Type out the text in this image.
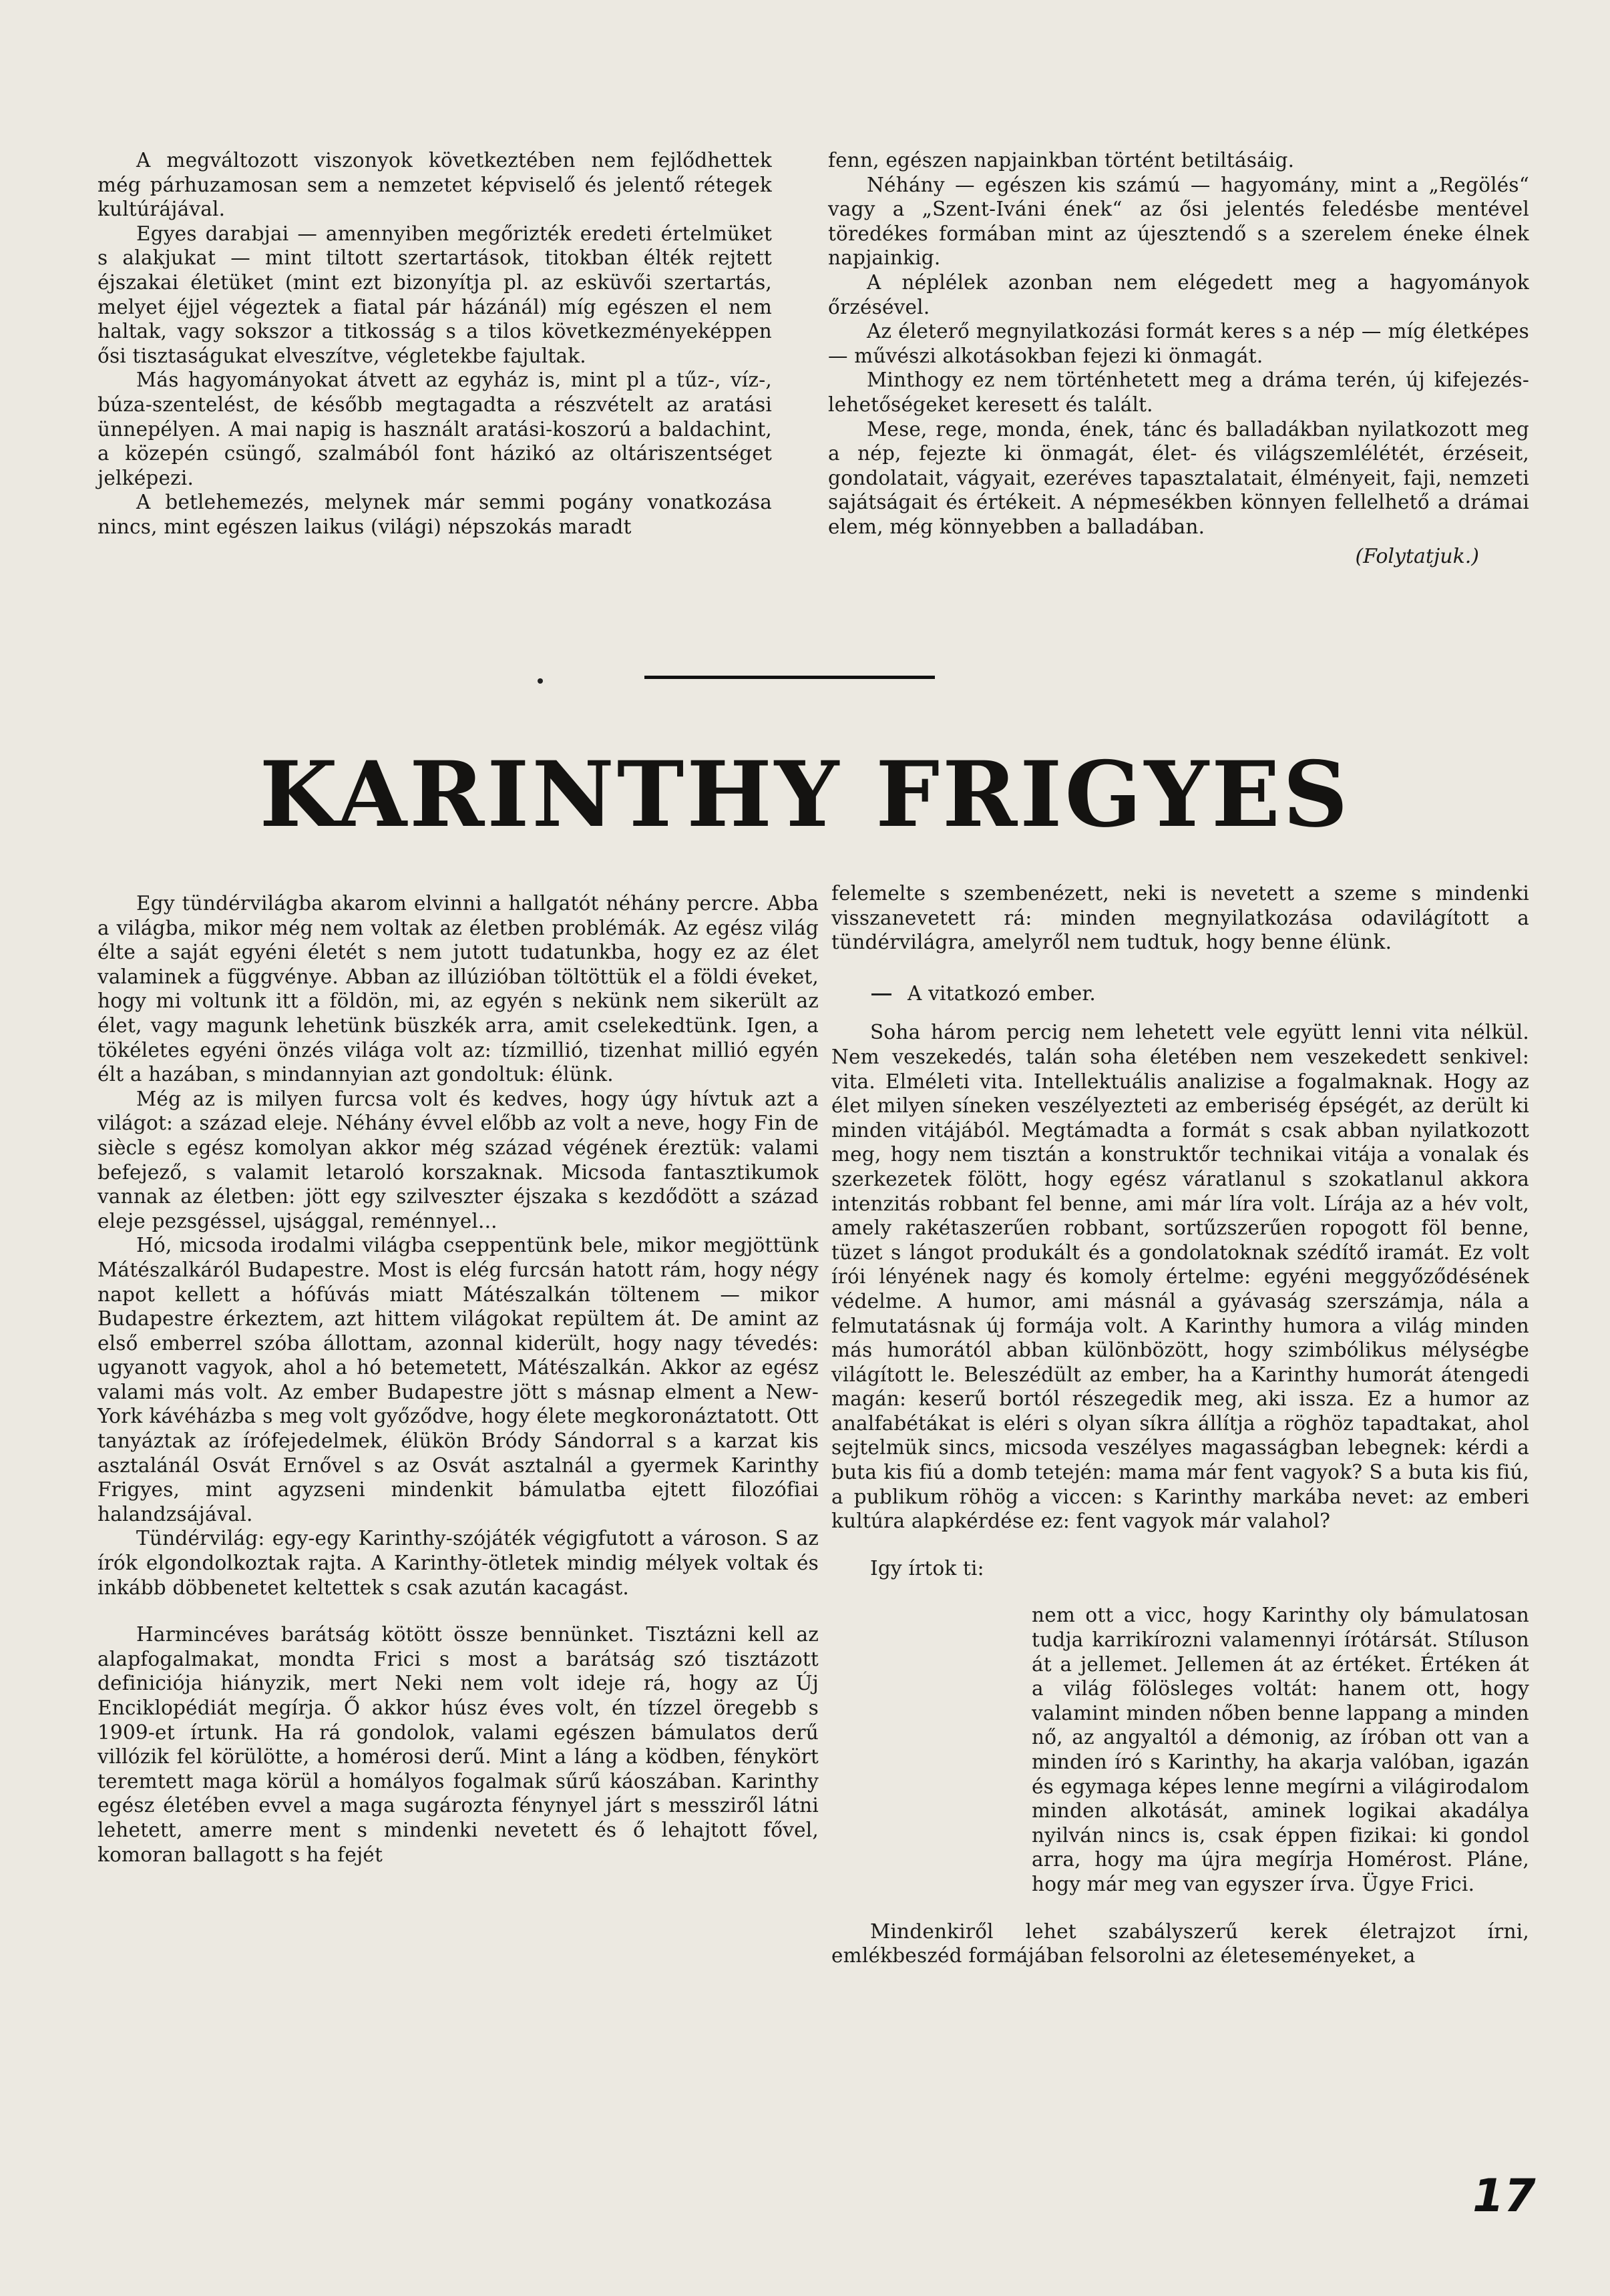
A megváltozott viszonyok következtében nem fejlődhettek még párhuzamosan sem a nemzetet képviselő és jelentő rétegek kultúrájával.

Egyes darabjai — amennyiben megőrizték eredeti értelmüket s alakjukat — mint tiltott szertartások, titokban élték rejtett éjszakai életüket (mint ezt bizonyítja pl. az esküvői szertartás, melyet éjjel végeztek a fiatal pár házánál) míg egészen el nem haltak, vagy sokszor a titkosság s a tilos következményeképpen ősi tisztaságukat elveszítve, végletekbe fajultak.

Más hagyományokat átvett az egyház is, mint pl a tűz-, víz-, búza-szentelést, de később megtagadta a részvételt az aratási ünnepélyen. A mai napig is használt aratási-koszorú a baldachint, a közepén csüngő, szalmából font házikó az oltáriszentséget jelképezi.

A betlehemezés, melynek már semmi pogány vonatkozása nincs, mint egészen laikus (világi) népszokás maradt

fenn, egészen napjainkban történt betiltásáig.

Néhány — egészen kis számú — hagyomány, mint a „Regölés“ vagy a „Szent-Iváni ének“ az ősi jelentés feledésbe mentével töredékes formában mint az újesztendő s a szerelem éneke élnek napjainkig.

A néplélek azonban nem elégedett meg a hagyományok őrzésével.

Az életerő megnyilatkozási formát keres s a nép — míg életképes — művészi alkotásokban fejezi ki önmagát.

Minthogy ez nem történhetett meg a dráma terén, új kifejezés-lehetőségeket keresett és talált.

Mese, rege, monda, ének, tánc és balladákban nyilatkozott meg a nép, fejezte ki önmagát, élet- és világszemlélétét, érzéseit, gondolatait, vágyait, ezeréves tapasztalatait, élményeit, faji, nemzeti sajátságait és értékeit. A népmesékben könnyen fellelhető a drámai elem, még könnyebben a balladában.

(Folytatjuk.)
KARINTHY FRIGYES

Egy tündérvilágba akarom elvinni a hallgatót néhány percre. Abba a világba, mikor még nem voltak az életben problémák. Az egész világ élte a saját egyéni életét s nem jutott tudatunkba, hogy ez az élet valaminek a függvénye. Abban az illúzióban töltöttük el a földi éveket, hogy mi voltunk itt a földön, mi, az egyén s nekünk nem sikerült az élet, vagy magunk lehetünk büszkék arra, amit cselekedtünk. Igen, a tökéletes egyéni önzés világa volt az: tízmillió, tizenhat millió egyén élt a hazában, s mindannyian azt gondoltuk: élünk.

Még az is milyen furcsa volt és kedves, hogy úgy hívtuk azt a világot: a század eleje. Néhány évvel előbb az volt a neve, hogy Fin de siècle s egész komolyan akkor még század végének éreztük: valami befejező, s valamit letaroló korszaknak. Micsoda fantasztikumok vannak az életben: jött egy szilveszter éjszaka s kezdődött a század eleje pezsgéssel, ujsággal, reménnyel...

Hó, micsoda irodalmi világba cseppentünk bele, mikor megjöttünk Mátészalkáról Budapestre. Most is elég furcsán hatott rám, hogy négy napot kellett a hófúvás miatt Mátészalkán töltenem — mikor Budapestre érkeztem, azt hittem világokat repültem át. De amint az első emberrel szóba állottam, azonnal kiderült, hogy nagy tévedés: ugyanott vagyok, ahol a hó betemetett, Mátészalkán. Akkor az egész valami más volt. Az ember Budapestre jött s másnap elment a New-York kávéházba s meg volt győződve, hogy élete megkoronáztatott. Ott tanyáztak az írófejedelmek, élükön Bródy Sándorral s a karzat kis asztalánál Osvát Ernővel s az Osvát asztalnál a gyermek Karinthy Frigyes, mint agyzseni mindenkit bámulatba ejtett filozófiai halandzsájával.

Tündérvilág: egy-egy Karinthy-szójáték végigfutott a városon. S az írók elgondolkoztak rajta. A Karinthy-ötletek mindig mélyek voltak és inkább döbbenetet keltettek s csak azután kacagást.

Harmincéves barátság kötött össze bennünket. Tisztázni kell az alapfogalmakat, mondta Frici s most a barátság szó tisztázott definiciója hiányzik, mert Neki nem volt ideje rá, hogy az Új Enciklopédiát megírja. Ő akkor húsz éves volt, én tízzel öregebb s 1909-et írtunk. Ha rá gondolok, valami egészen bámulatos derű villózik fel körülötte, a homérosi derű. Mint a láng a ködben, fénykört teremtett maga körül a homályos fogalmak sűrű káoszában. Karinthy egész életében evvel a maga sugározta fénynyel járt s messziről látni lehetett, amerre ment s mindenki nevetett és ő lehajtott fővel, komoran ballagott s ha fejét

felemelte s szembenézett, neki is nevetett a szeme s mindenki visszanevetett rá: minden megnyilatkozása odavilágított a tündérvilágra, amelyről nem tudtuk, hogy benne élünk.

A vitatkozó ember.

Soha három percig nem lehetett vele együtt lenni vita nélkül. Nem veszekedés, talán soha életében nem veszekedett senkivel: vita. Elméleti vita. Intellektuális analizise a fogalmaknak. Hogy az élet milyen síneken veszélyezteti az emberiség épségét, az derült ki minden vitájából. Megtámadta a formát s csak abban nyilatkozott meg, hogy nem tisztán a konstruktőr technikai vitája a vonalak és szerkezetek fölött, hogy egész váratlanul s szokatlanul akkora intenzitás robbant fel benne, ami már líra volt. Lírája az a hév volt, amely rakétaszerűen robbant, sortűzszerűen ropogott föl benne, tüzet s lángot produkált és a gondolatoknak szédítő iramát. Ez volt írói lényének nagy és komoly értelme: egyéni meggyőződésének védelme. A humor, ami másnál a gyávaság szerszámja, nála a felmutatásnak új formája volt. A Karinthy humora a világ minden más humorától abban különbözött, hogy szimbólikus mélységbe világított le. Beleszédült az ember, ha a Karinthy humorát átengedi magán: keserű bortól részegedik meg, aki issza. Ez a humor az analfabétákat is eléri s olyan síkra állítja a röghöz tapadtakat, ahol sejtelmük sincs, micsoda veszélyes magasságban lebegnek: kérdi a buta kis fiú a domb tetején: mama már fent vagyok? S a buta kis fiú, a publikum röhög a viccen: s Karinthy markába nevet: az emberi kultúra alapkérdése ez: fent vagyok már valahol?

Igy írtok ti:

nem ott a vicc, hogy Karinthy oly bámulatosan tudja karrikírozni valamennyi írótársát. Stíluson át a jellemet. Jellemen át az értéket. Értéken át a világ fölösleges voltát: hanem ott, hogy valamint minden nőben benne lappang a minden nő, az angyaltól a démonig, az íróban ott van a minden író s Karinthy, ha akarja valóban, igazán és egymaga képes lenne megírni a világirodalom minden alkotását, aminek logikai akadálya nyilván nincs is, csak éppen fizikai: ki gondol arra, hogy ma újra megírja Homérost. Pláne, hogy már meg van egyszer írva. Ügye Frici.

Mindenkiről lehet szabályszerű kerek életrajzot írni, emlékbeszéd formájában felsorolni az életeseményeket, a

17
